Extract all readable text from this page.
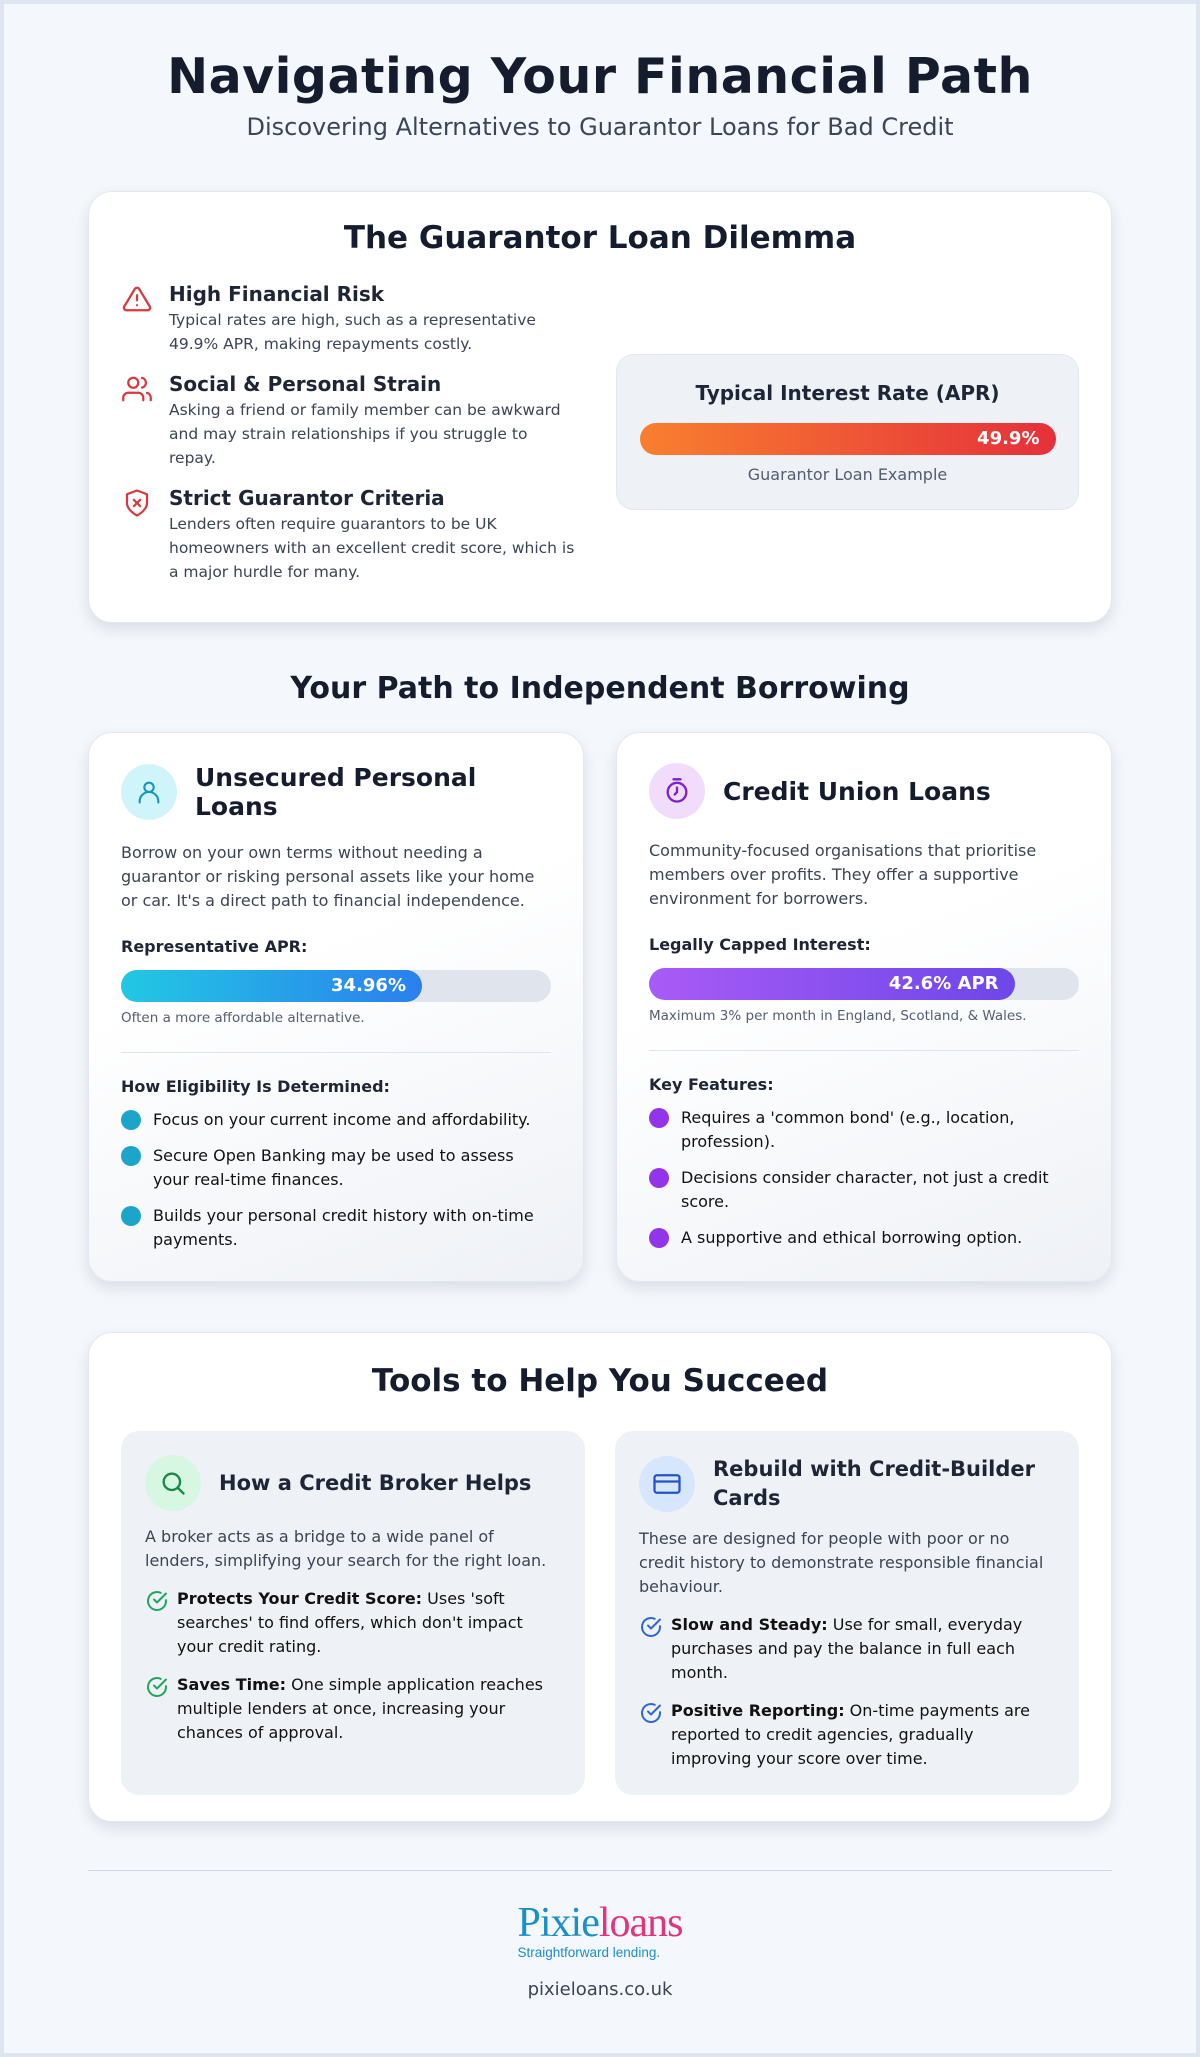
Navigating Your Financial Path
Discovering Alternatives to Guarantor Loans for Bad Credit
The Guarantor Loan Dilemma
High Financial Risk

Typical rates are high, such as a representative 49.9% APR, making repayments costly.

Social & Personal Strain

Asking a friend or family member can be awkward and may strain relationships if you struggle to repay.

Strict Guarantor Criteria

Lenders often require guarantors to be UK homeowners with an excellent credit score, which is a major hurdle for many.

Typical Interest Rate (APR)
49.9%
Guarantor Loan Example
Your Path to Independent Borrowing
Unsecured Personal Loans

Borrow on your own terms without needing a guarantor or risking personal assets like your home or car. It's a direct path to financial independence.

Representative APR:
34.96%
Often a more affordable alternative.
How Eligibility Is Determined:
Focus on your current income and affordability.
Secure Open Banking may be used to assess your real-time finances.
Builds your personal credit history with on-time payments.
Credit Union Loans

Community-focused organisations that prioritise members over profits. They offer a supportive environment for borrowers.

Legally Capped Interest:
42.6% APR
Maximum 3% per month in England, Scotland, & Wales.
Key Features:
Requires a 'common bond' (e.g., location, profession).
Decisions consider character, not just a credit score.
A supportive and ethical borrowing option.
Tools to Help You Succeed
How a Credit Broker Helps

A broker acts as a bridge to a wide panel of lenders, simplifying your search for the right loan.

Protects Your Credit Score: Uses 'soft searches' to find offers, which don't impact your credit rating.
Saves Time: One simple application reaches multiple lenders at once, increasing your chances of approval.
Rebuild with Credit-Builder Cards

These are designed for people with poor or no credit history to demonstrate responsible financial behaviour.

Slow and Steady: Use for small, everyday purchases and pay the balance in full each month.
Positive Reporting: On-time payments are reported to credit agencies, gradually improving your score over time.
Pixieloans
Straightforward lending.
pixieloans.co.uk
